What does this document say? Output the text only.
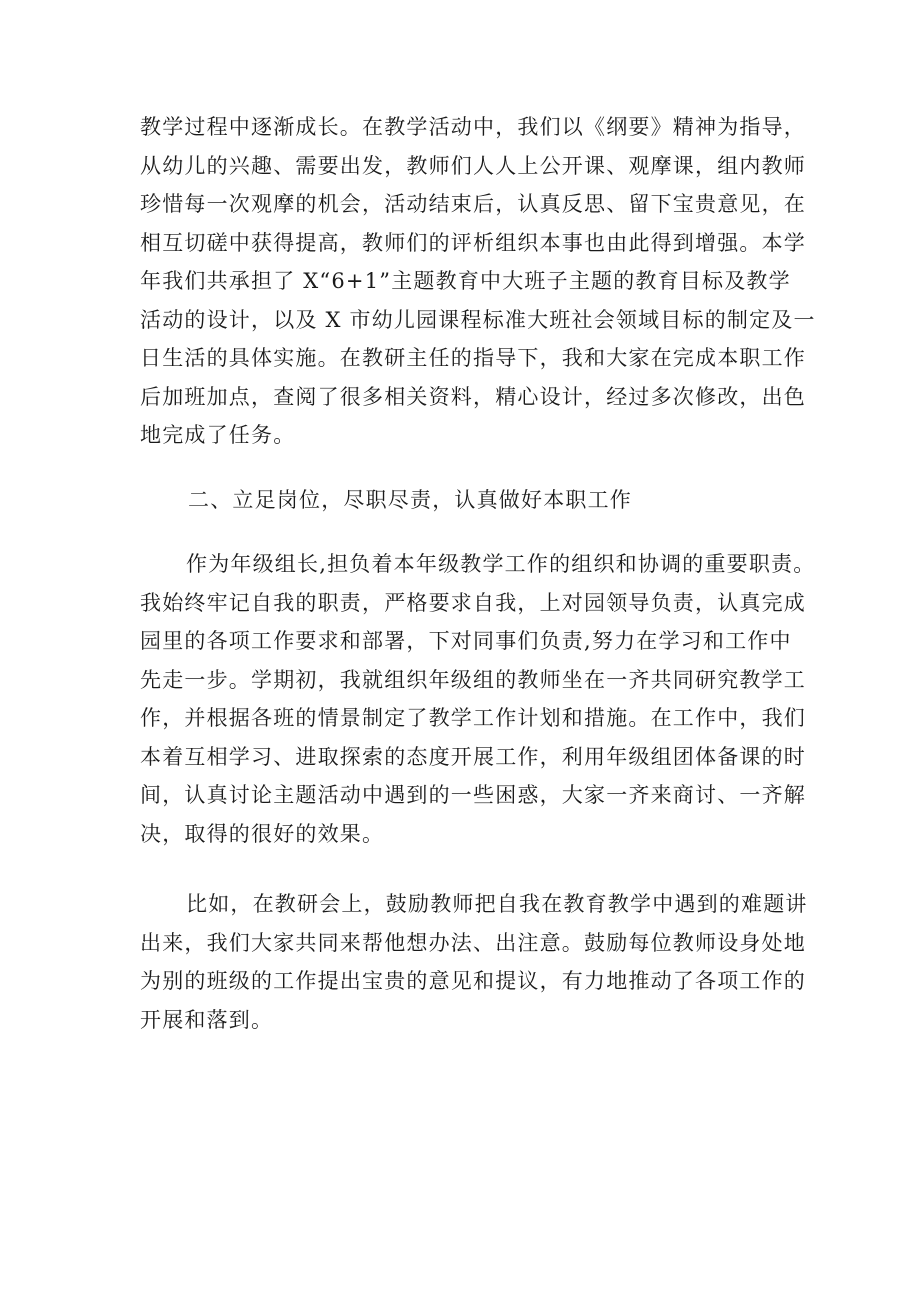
教学过程中逐渐成长。在教学活动中，我们以《纲要》精神为指导，
从幼儿的兴趣、需要出发，教师们人人上公开课、观摩课，组内教师
珍惜每一次观摩的机会，活动结束后，认真反思、留下宝贵意见，在
相互切磋中获得提高，教师们的评析组织本事也由此得到增强。本学
年我们共承担了 X“6+1”主题教育中大班子主题的教育目标及教学
活动的设计，以及 X 市幼儿园课程标准大班社会领域目标的制定及一
日生活的具体实施。在教研主任的指导下，我和大家在完成本职工作
后加班加点，查阅了很多相关资料，精心设计，经过多次修改，出色
地完成了任务。
二、立足岗位，尽职尽责，认真做好本职工作
作为年级组长,担负着本年级教学工作的组织和协调的重要职责。
我始终牢记自我的职责，严格要求自我，上对园领导负责，认真完成
园里的各项工作要求和部署，下对同事们负责,努力在学习和工作中
先走一步。学期初，我就组织年级组的教师坐在一齐共同研究教学工
作，并根据各班的情景制定了教学工作计划和措施。在工作中，我们
本着互相学习、进取探索的态度开展工作，利用年级组团体备课的时
间，认真讨论主题活动中遇到的一些困惑，大家一齐来商讨、一齐解
决，取得的很好的效果。
比如，在教研会上，鼓励教师把自我在教育教学中遇到的难题讲
出来，我们大家共同来帮他想办法、出注意。鼓励每位教师设身处地
为别的班级的工作提出宝贵的意见和提议，有力地推动了各项工作的
开展和落到。
